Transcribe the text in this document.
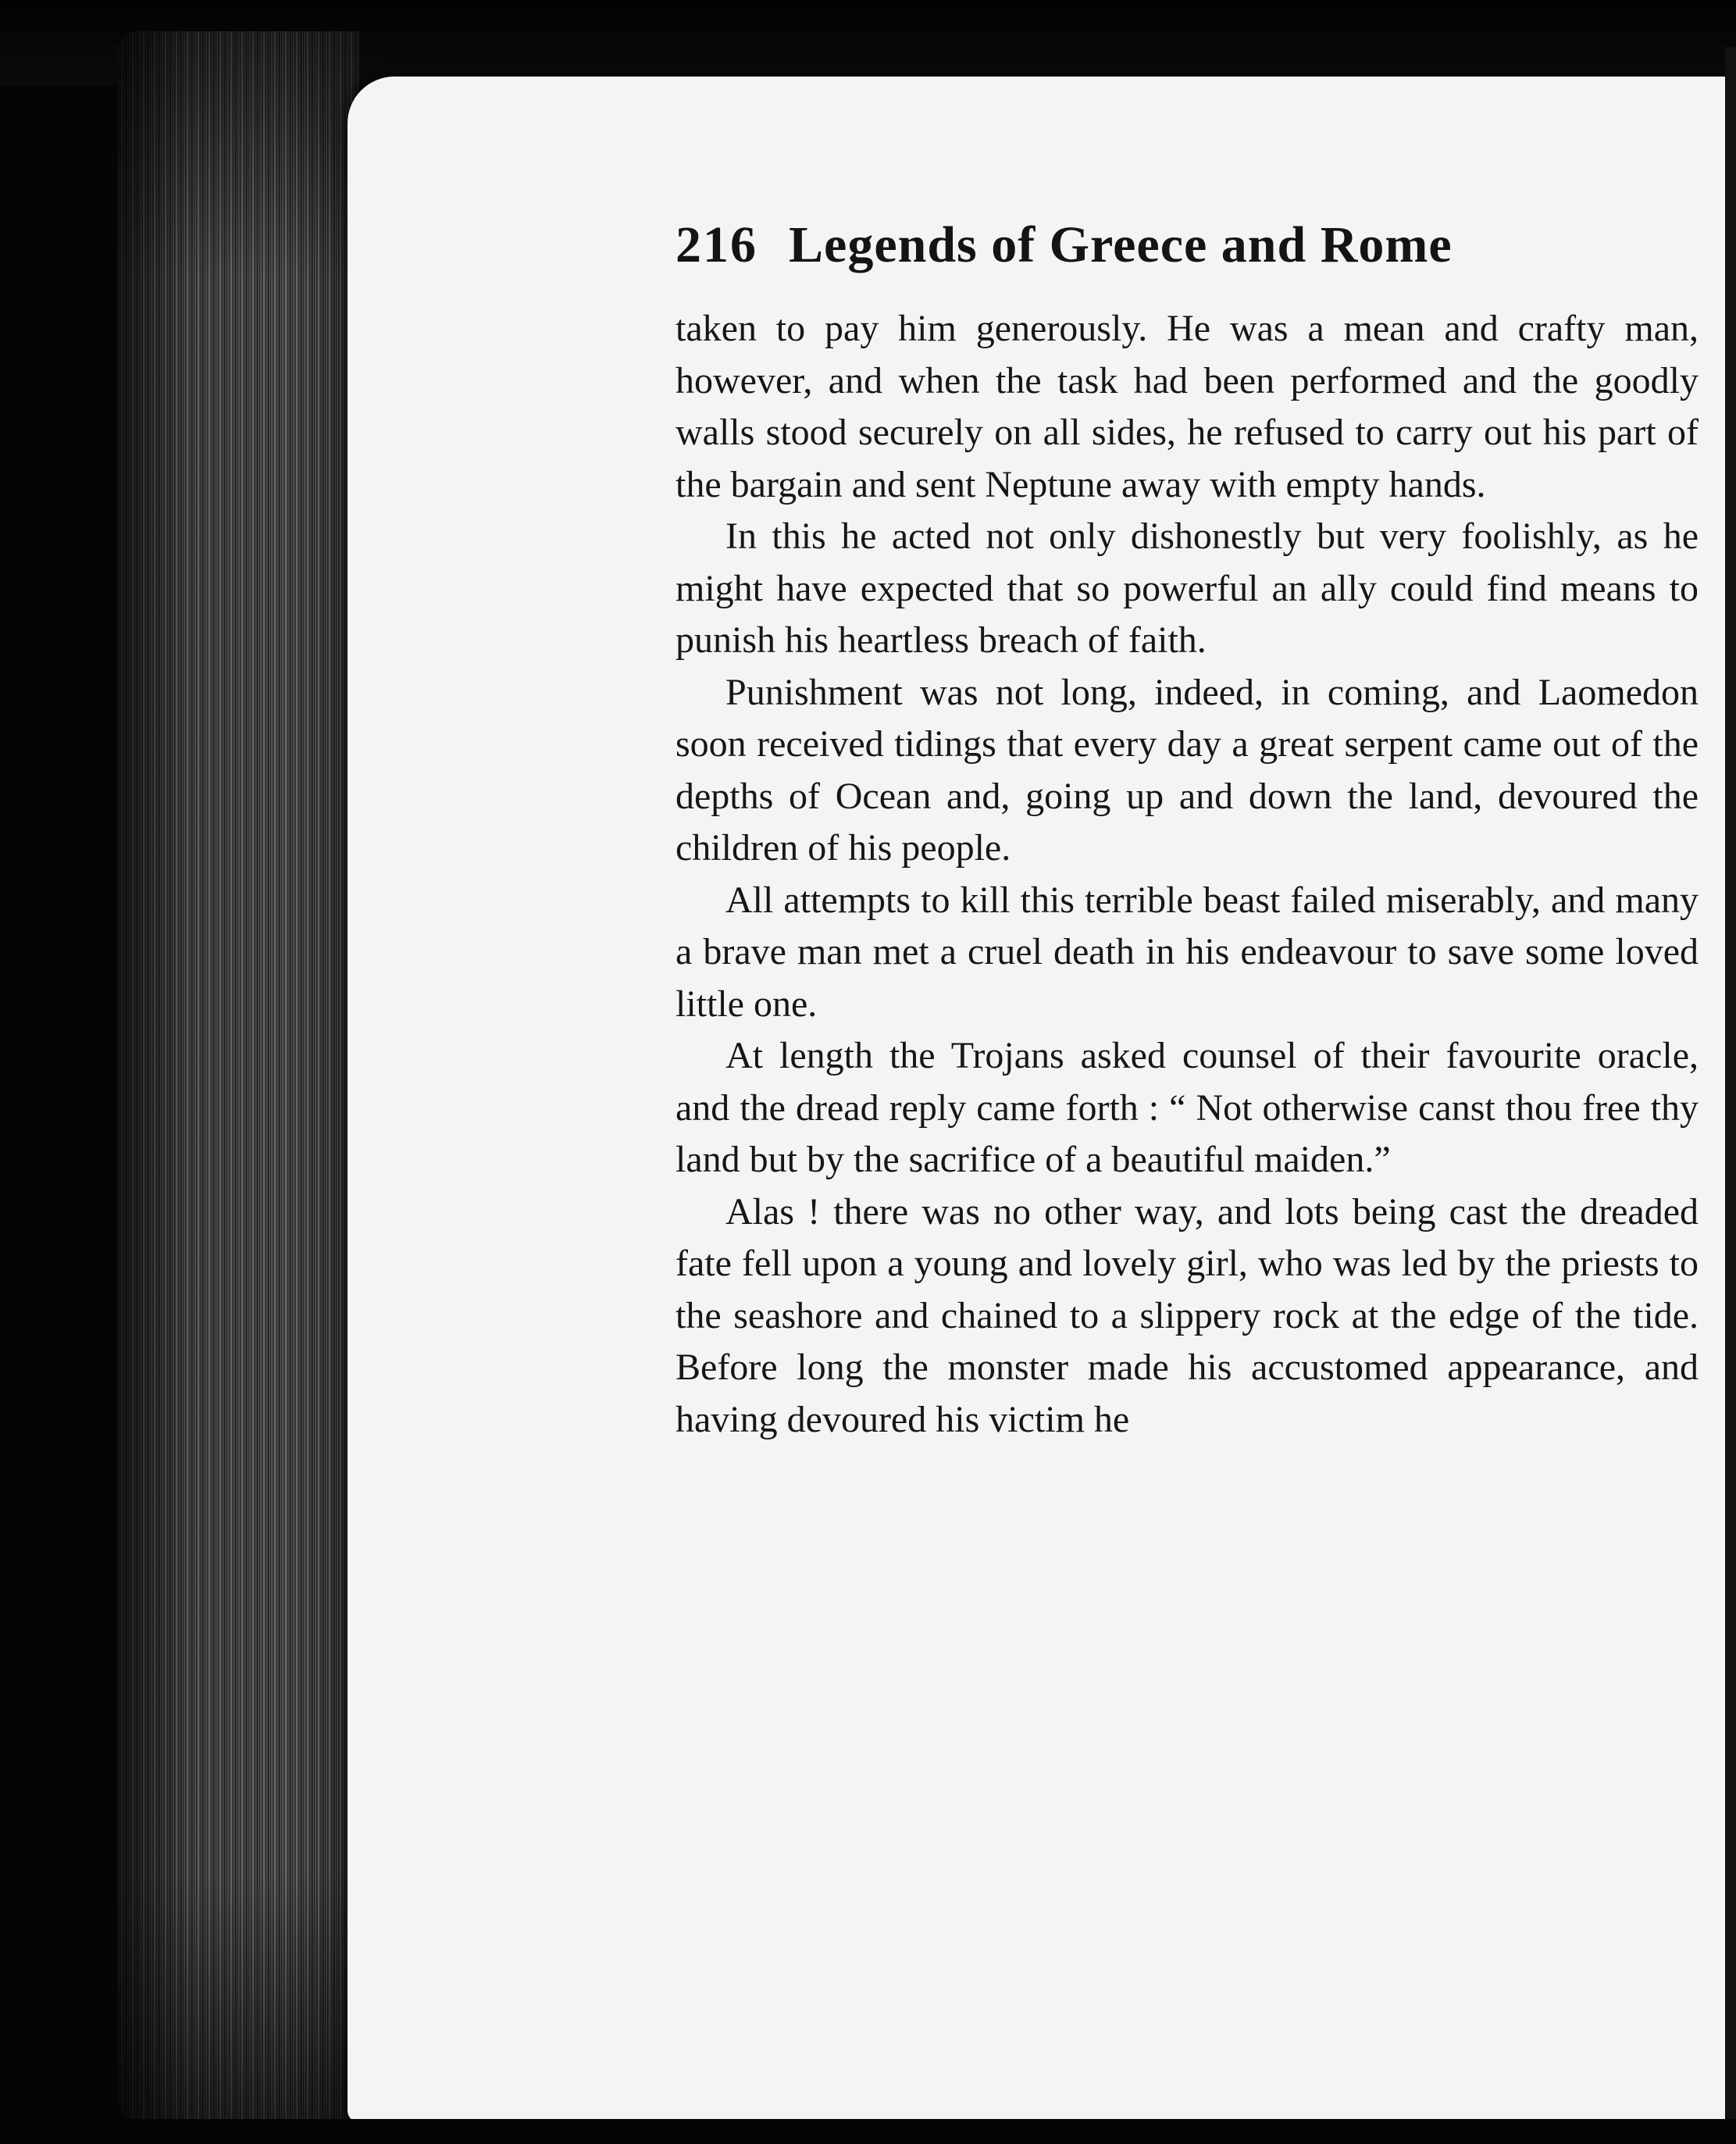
216 Legends of Greece and Rome

taken to pay him generously. He was a mean and crafty man, however, and when the task had been performed and the goodly walls stood securely on all sides, he refused to carry out his part of the bargain and sent Neptune away with empty hands.

In this he acted not only dishonestly but very foolishly, as he might have expected that so powerful an ally could find means to punish his heartless breach of faith.

Punishment was not long, indeed, in coming, and Laomedon soon received tidings that every day a great serpent came out of the depths of Ocean and, going up and down the land, devoured the children of his people.

All attempts to kill this terrible beast failed miserably, and many a brave man met a cruel death in his endeavour to save some loved little one.

At length the Trojans asked counsel of their favourite oracle, and the dread reply came forth : “ Not otherwise canst thou free thy land but by the sacrifice of a beautiful maiden.”

Alas ! there was no other way, and lots being cast the dreaded fate fell upon a young and lovely girl, who was led by the priests to the seashore and chained to a slippery rock at the edge of the tide. Before long the monster made his accustomed appearance, and having devoured his victim he
